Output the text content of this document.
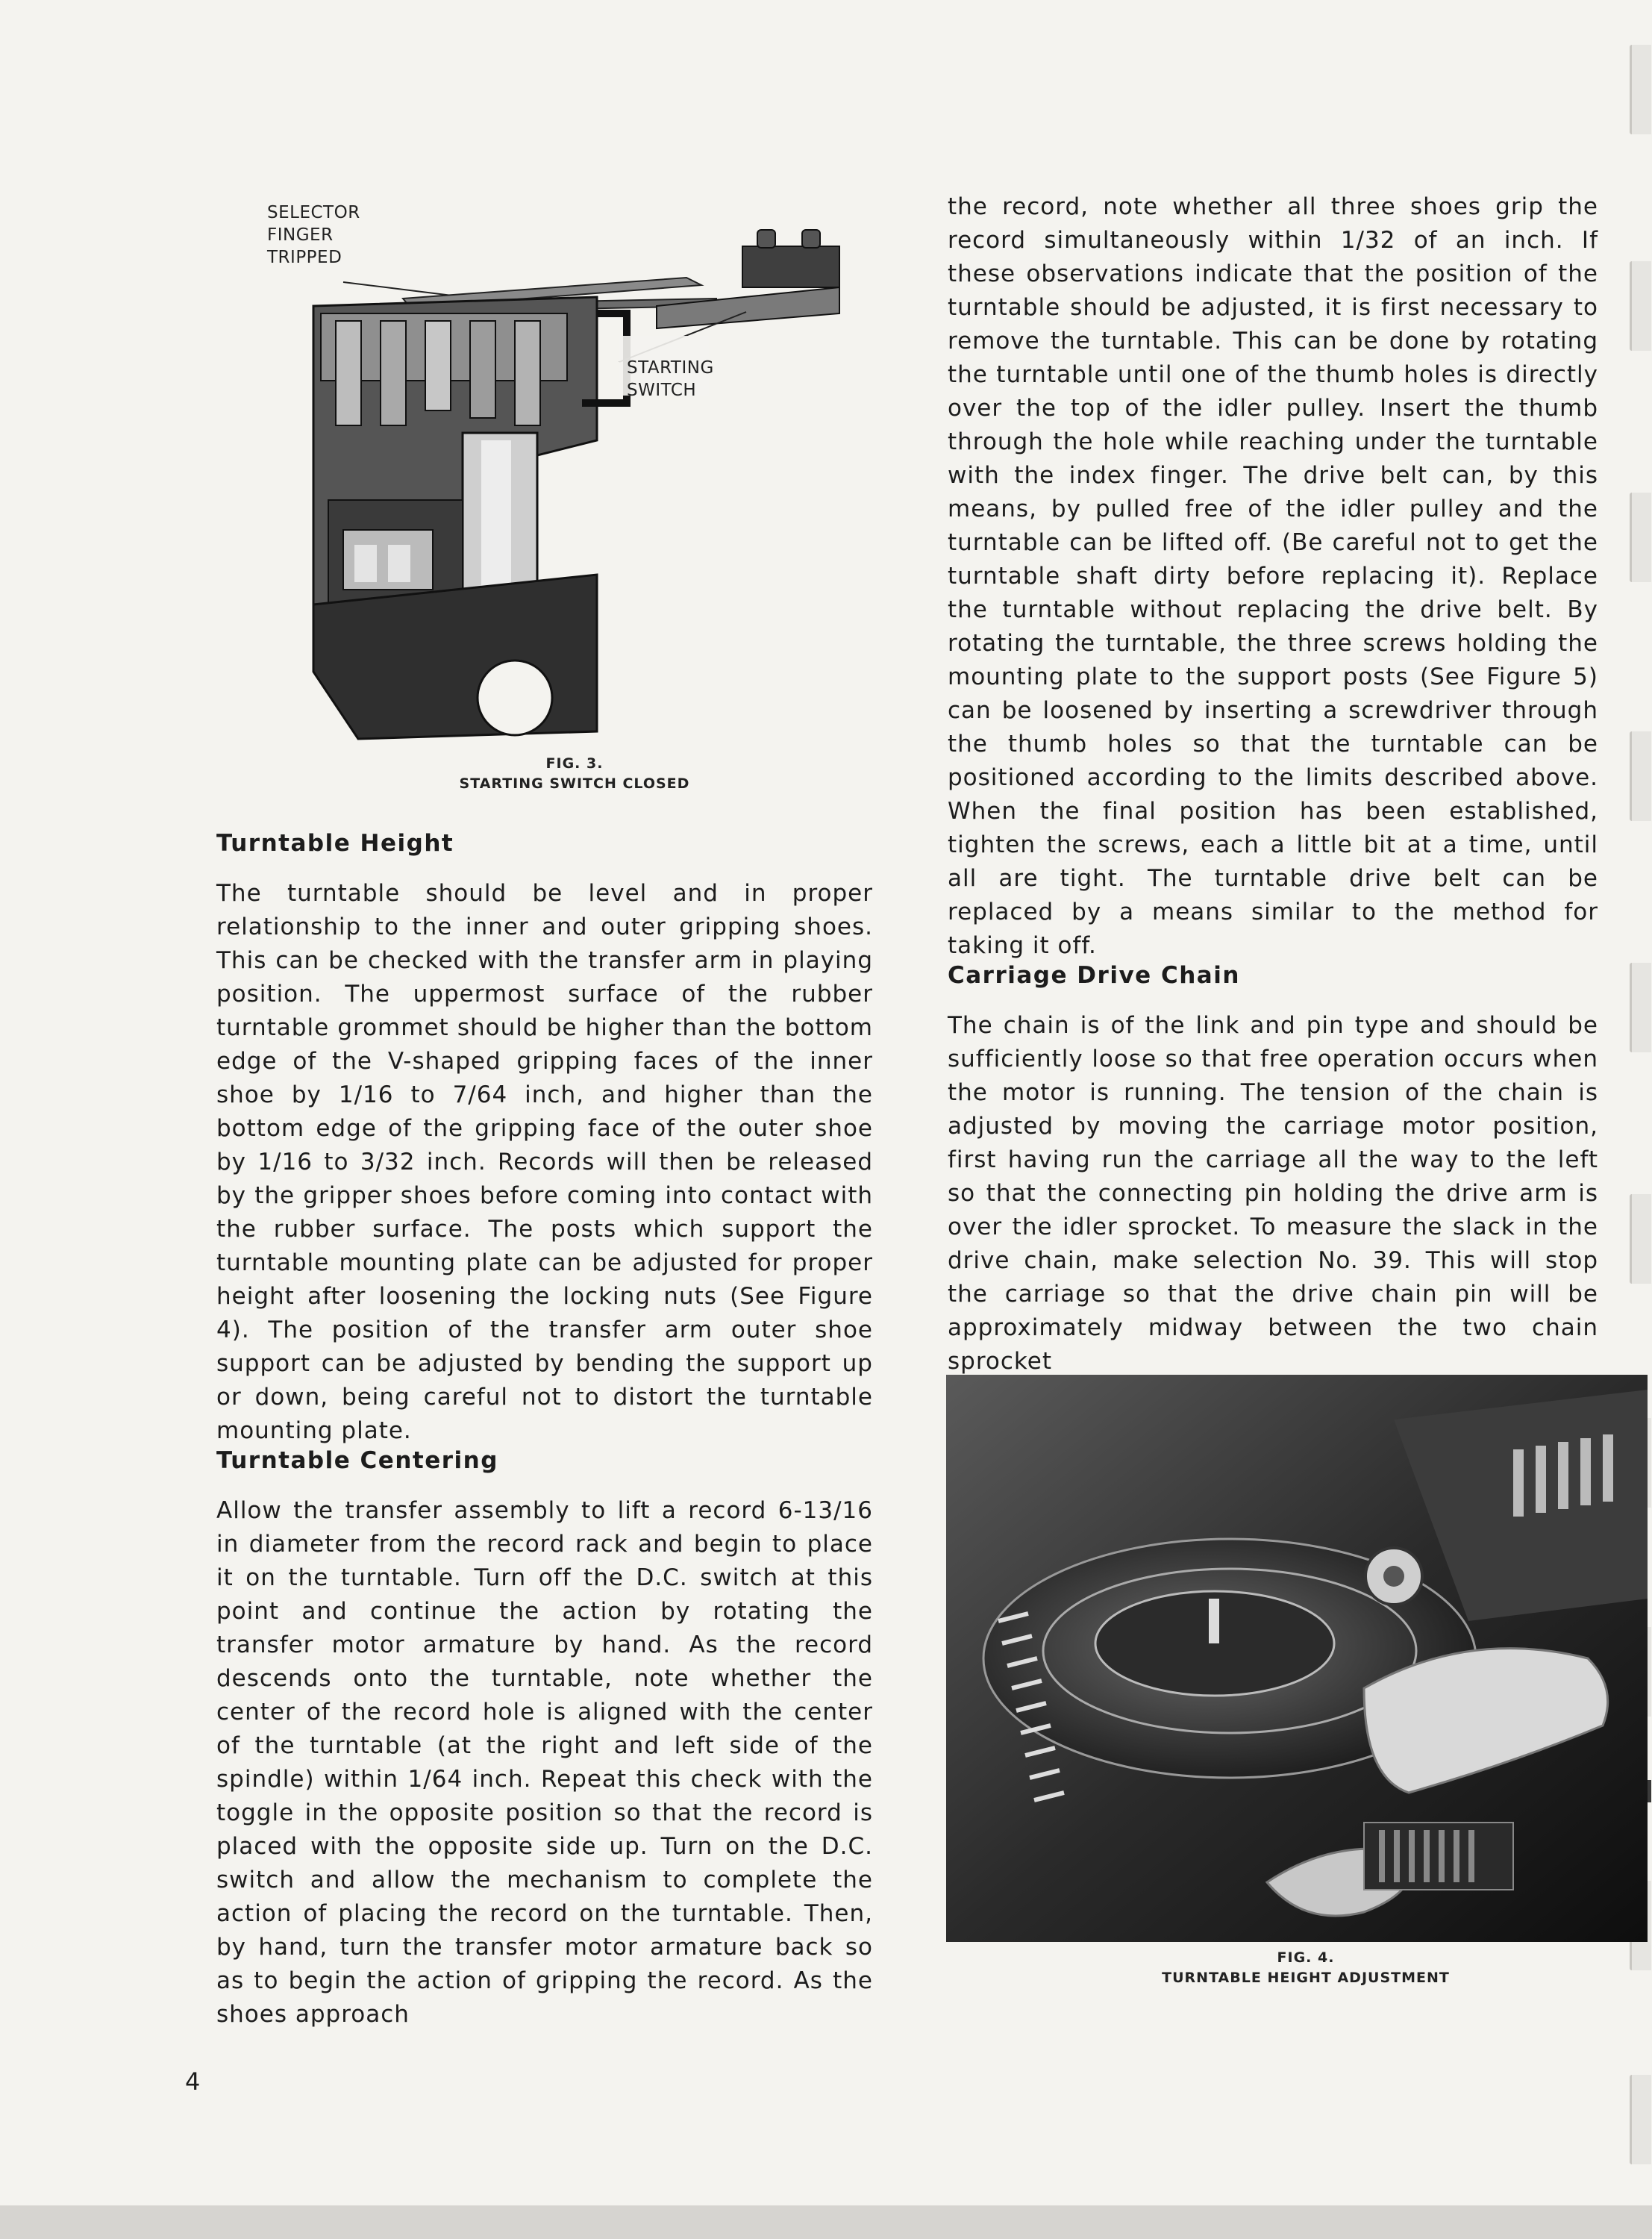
SELECTOR
FINGER
TRIPPED
STARTING
SWITCH
FIG. 3.
STARTING SWITCH CLOSED

Turntable Height

The turntable should be level and in proper relationship to the inner and outer gripping shoes. This can be checked with the transfer arm in playing position. The uppermost surface of the rubber turntable grommet should be higher than the bottom edge of the V-shaped gripping faces of the inner shoe by 1/16 to 7/64 inch, and higher than the bottom edge of the gripping face of the outer shoe by 1/16 to 3/32 inch. Records will then be released by the gripper shoes before coming into contact with the rubber surface. The posts which support the turntable mounting plate can be adjusted for proper height after loosening the locking nuts (See Figure 4). The position of the transfer arm outer shoe support can be adjusted by bending the support up or down, being careful not to distort the turntable mounting plate.

Turntable Centering

Allow the transfer assembly to lift a record 6-13/16 in diameter from the record rack and begin to place it on the turntable. Turn off the D.C. switch at this point and continue the action by rotating the transfer motor armature by hand. As the record descends onto the turntable, note whether the center of the record hole is aligned with the center of the turntable (at the right and left side of the spindle) within 1/64 inch. Repeat this check with the toggle in the opposite position so that the record is placed with the opposite side up. Turn on the D.C. switch and allow the mechanism to complete the action of placing the record on the turntable. Then, by hand, turn the transfer motor armature back so as to begin the action of gripping the record. As the shoes approach

the record, note whether all three shoes grip the record simultaneously within 1/32 of an inch. If these observations indicate that the position of the turntable should be adjusted, it is first necessary to remove the turntable. This can be done by rotating the turntable until one of the thumb holes is directly over the top of the idler pulley. Insert the thumb through the hole while reaching under the turntable with the index finger. The drive belt can, by this means, by pulled free of the idler pulley and the turntable can be lifted off. (Be careful not to get the turntable shaft dirty before replacing it). Replace the turntable without replacing the drive belt. By rotating the turntable, the three screws holding the mounting plate to the support posts (See Figure 5) can be loosened by inserting a screwdriver through the thumb holes so that the turntable can be positioned according to the limits described above. When the final position has been established, tighten the screws, each a little bit at a time, until all are tight. The turntable drive belt can be replaced by a means similar to the method for taking it off.

Carriage Drive Chain

The chain is of the link and pin type and should be sufficiently loose so that free operation occurs when the motor is running. The tension of the chain is adjusted by moving the carriage motor position, first having run the carriage all the way to the left so that the connecting pin holding the drive arm is over the idler sprocket. To measure the slack in the drive chain, make selection No. 39. This will stop the carriage so that the drive chain pin will be approximately midway between the two chain sprocket

FIG. 4.
TURNTABLE HEIGHT ADJUSTMENT
4
